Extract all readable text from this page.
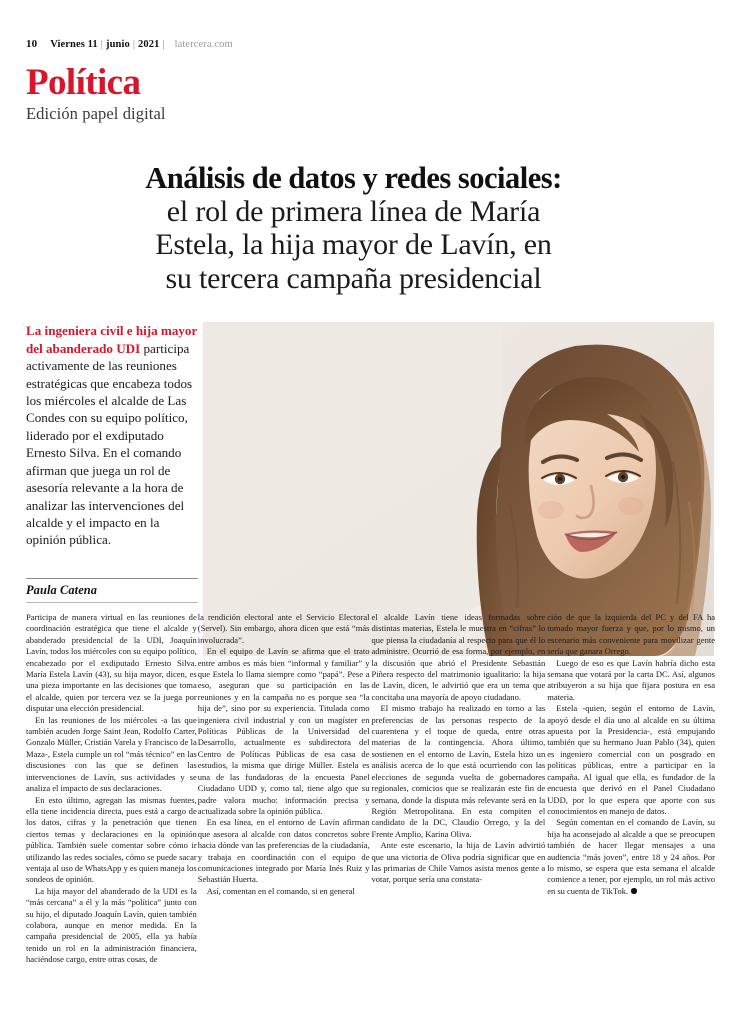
10 Viernes 11 | junio | 2021 | latercera.com
Política
Edición papel digital
Análisis de datos y redes sociales:
el rol de primera línea de María
Estela, la hija mayor de Lavín, en
su tercera campaña presidencial
La ingeniera civil e hija mayor del abanderado UDI participa activamente de las reuniones estratégicas que encabeza todos los miércoles el alcalde de Las Condes con su equipo político, liderado por el exdiputado Ernesto Silva. En el comando afirman que juega un rol de asesoría relevante a la hora de analizar las intervenciones del alcalde y el impacto en la opinión pública.
Paula Catena

Participa de manera virtual en las reuniones de coordinación estratégica que tiene el alcalde y abanderado presidencial de la UDI, Joaquín Lavín, todos los miércoles con su equipo político, encabezado por el exdiputado Ernesto Silva. María Estela Lavín (43), su hija mayor, dicen, es una pieza importante en las decisiones que toma el alcalde, quien por tercera vez se la juega por disputar una elección presidencial.

En las reuniones de los miércoles -a las que también acuden Jorge Saint Jean, Rodolfo Carter, Gonzalo Müller, Cristián Varela y Francisco de la Maza-, Estela cumple un rol “más técnico” en las discusiones con las que se definen las intervenciones de Lavín, sus actividades y se analiza el impacto de sus declaraciones.

En esto último, agregan las mismas fuentes, ella tiene incidencia directa, pues está a cargo de los datos, cifras y la penetración que tienen ciertos temas y declaraciones en la opinión pública. También suele comentar sobre cómo ir utilizando las redes sociales, cómo se puede sacar ventaja al uso de WhatsApp y es quien maneja los sondeos de opinión.

La hija mayor del abanderado de la UDI es la “más cercana” a él y la más “política” junto con su hijo, el diputado Joaquín Lavín, quien también colabora, aunque en menor medida. En la campaña presidencial de 2005, ella ya había tenido un rol en la administración financiera, haciéndose cargo, entre otras cosas, de

la rendición electoral ante el Servicio Electoral (Servel). Sin embargo, ahora dicen que está “más involucrada”.

En el equipo de Lavín se afirma que el trato entre ambos es más bien “informal y familiar” y que Estela lo llama siempre como “papá”. Pese a eso, aseguran que su participación en las reuniones y en la campaña no es porque sea “la hija de”, sino por su experiencia. Titulada como ingeniera civil industrial y con un magíster en Políticas Públicas de la Universidad del Desarrollo, actualmente es subdirectora del Centro de Políticas Públicas de esa casa de estudios, la misma que dirige Müller. Estela es una de las fundadoras de la encuesta Panel Ciudadano UDD y, como tal, tiene algo que su padre valora mucho: información precisa y actualizada sobre la opinión pública.

En esa línea, en el entorno de Lavín afirman que asesora al alcalde con datos concretos sobre hacia dónde van las preferencias de la ciudadanía, y trabaja en coordinación con el equipo de comunicaciones integrado por María Inés Ruiz y Sebastián Huerta.

Así, comentan en el comando, si en general

el alcalde Lavín tiene ideas formadas sobre distintas materias, Estela le muestra en “cifras” lo que piensa la ciudadanía al respecto para que él lo administre. Ocurrió de esa forma, por ejemplo, en la discusión que abrió el Presidente Sebastián Piñera respecto del matrimonio igualitario: la hija de Lavín, dicen, le advirtió que era un tema que concitaba una mayoría de apoyo ciudadano.

El mismo trabajo ha realizado en torno a las preferencias de las personas respecto de la cuarentena y el toque de queda, entre otras materias de la contingencia. Ahora último, sostienen en el entorno de Lavín, Estela hizo un análisis acerca de lo que está ocurriendo con las elecciones de segunda vuelta de gobernadores regionales, comicios que se realizarán este fin de semana, donde la disputa más relevante será en la Región Metropolitana. En esta compiten el candidato de la DC, Claudio Orrego, y la del Frente Amplio, Karina Oliva.

Ante este escenario, la hija de Lavín advirtió que una victoria de Oliva podría significar que en las primarias de Chile Vamos asista menos gente a votar, porque sería una constata-

ción de que la izquierda del PC y del FA ha tomado mayor fuerza y que, por lo mismo, un escenario más conveniente para movilizar gente sería que ganara Orrego.

Luego de eso es que Lavín habría dicho esta semana que votará por la carta DC. Así, algunos atribuyeron a su hija que fijara postura en esa materia.

Estela -quien, según el entorno de Lavín, apoyó desde el día uno al alcalde en su última apuesta por la Presidencia-, está empujando también que su hermano Juan Pablo (34), quien es ingeniero comercial con un posgrado en políticas públicas, entre a participar en la campaña. Al igual que ella, es fundador de la encuesta que derivó en el Panel Ciudadano UDD, por lo que espera que aporte con sus conocimientos en manejo de datos.

Según comentan en el comando de Lavín, su hija ha aconsejado al alcalde a que se preocupen también de hacer llegar mensajes a una audiencia “más joven”, entre 18 y 24 años. Por lo mismo, se espera que esta semana el alcalde comience a tener, por ejemplo, un rol más activo en su cuenta de TikTok.
